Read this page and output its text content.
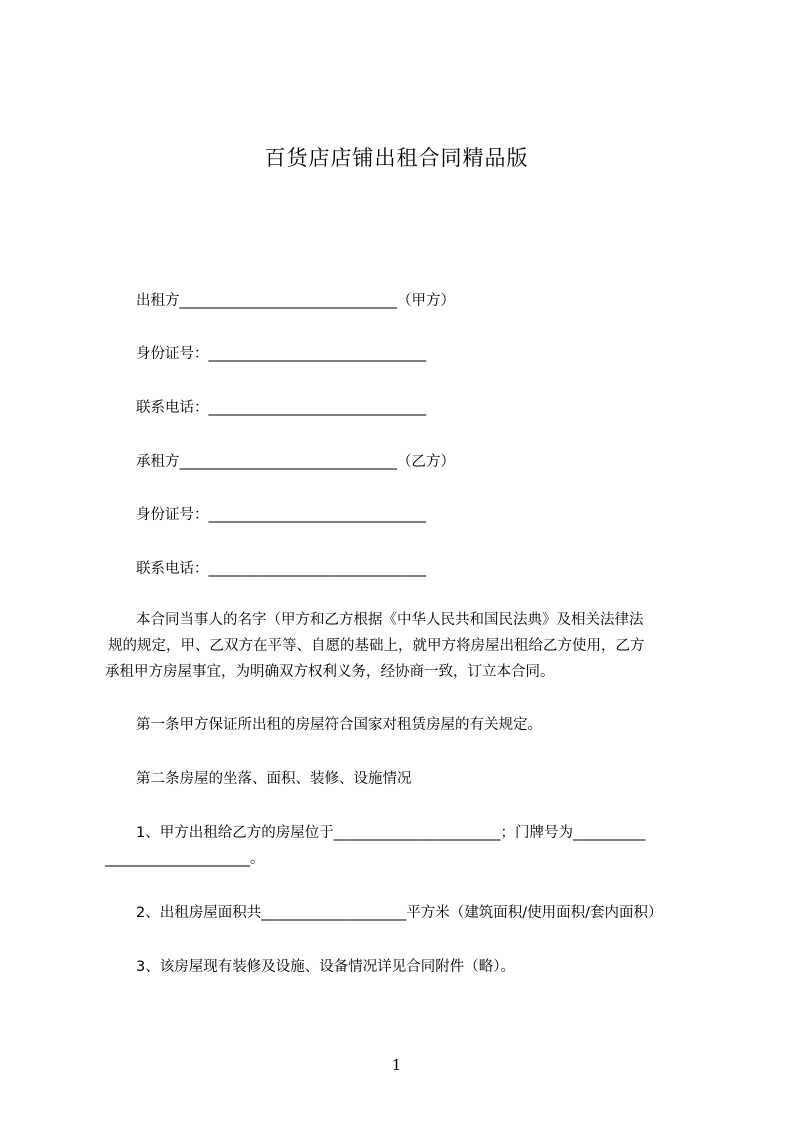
百货店店铺出租合同精品版
出租方______________________________（甲方）
身份证号：______________________________
联系电话：______________________________
承租方______________________________（乙方）
身份证号：______________________________
联系电话：______________________________
本合同当事人的名字（甲方和乙方根据《中华人民共和国民法典》及相关法律法
规的规定，甲、乙双方在平等、自愿的基础上，就甲方将房屋出租给乙方使用，乙方
承租甲方房屋事宜，为明确双方权利义务，经协商一致，订立本合同。
第一条甲方保证所出租的房屋符合国家对租赁房屋的有关规定。
第二条房屋的坐落、面积、装修、设施情况
1、甲方出租给乙方的房屋位于_______________________；门牌号为__________
____________________。
2、出租房屋面积共____________________平方米（建筑面积/使用面积/套内面积）
3、该房屋现有装修及设施、设备情况详见合同附件（略）。
1
